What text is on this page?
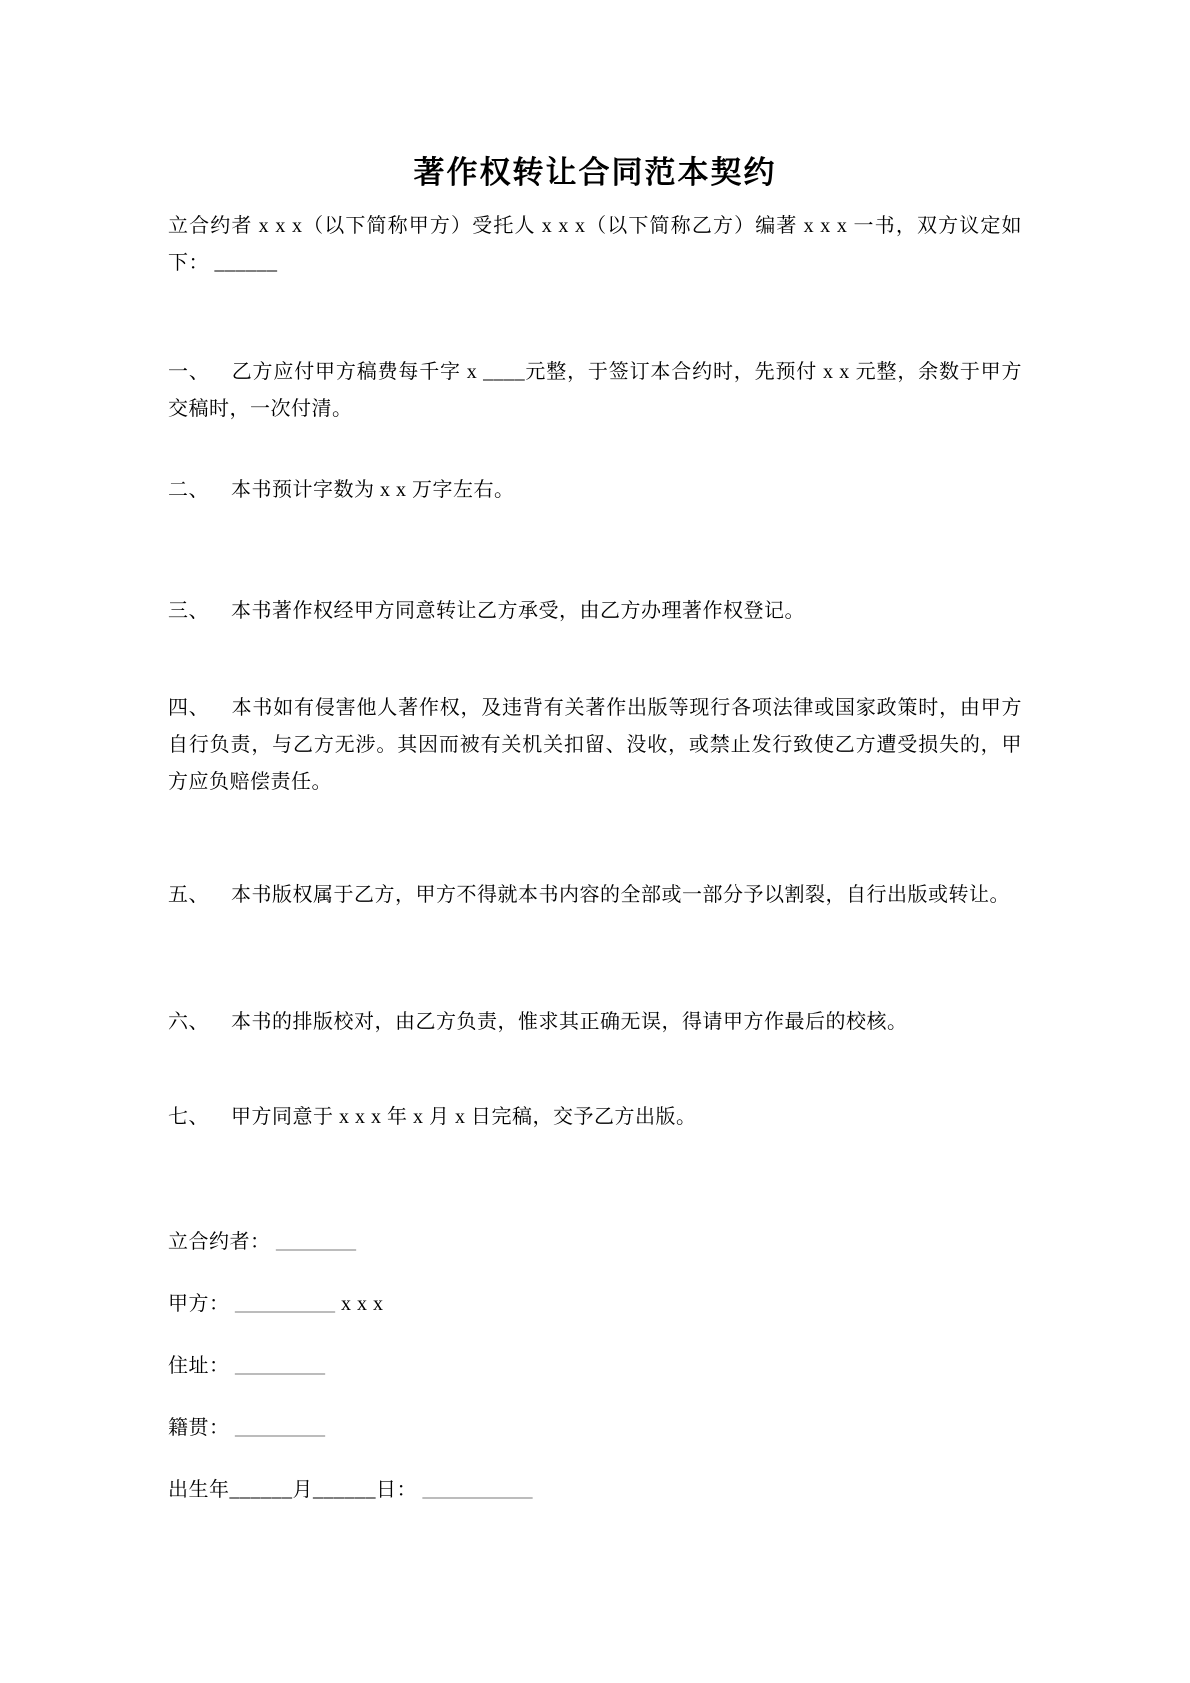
著作权转让合同范本契约

立合约者 x x x（以下简称甲方）受托人 x x x（以下简称乙方）编著 x x x 一书，双方议定如下： ______

一、 乙方应付甲方稿费每千字 x ____元整，于签订本合约时，先预付 x x 元整，余数于甲方交稿时，一次付清。

二、 本书预计字数为 x x 万字左右。

三、 本书著作权经甲方同意转让乙方承受，由乙方办理著作权登记。

四、 本书如有侵害他人著作权，及违背有关著作出版等现行各项法律或国家政策时，由甲方自行负责，与乙方无涉。其因而被有关机关扣留、没收，或禁止发行致使乙方遭受损失的，甲方应负赔偿责任。

五、 本书版权属于乙方，甲方不得就本书内容的全部或一部分予以割裂，自行出版或转让。

六、 本书的排版校对，由乙方负责，惟求其正确无误，得请甲方作最后的校核。

七、 甲方同意于 x x x 年 x 月 x 日完稿，交予乙方出版。

立合约者： ________

甲方： __________ x x x

住址： _________

籍贯： _________

出生年______月______日： ___________
